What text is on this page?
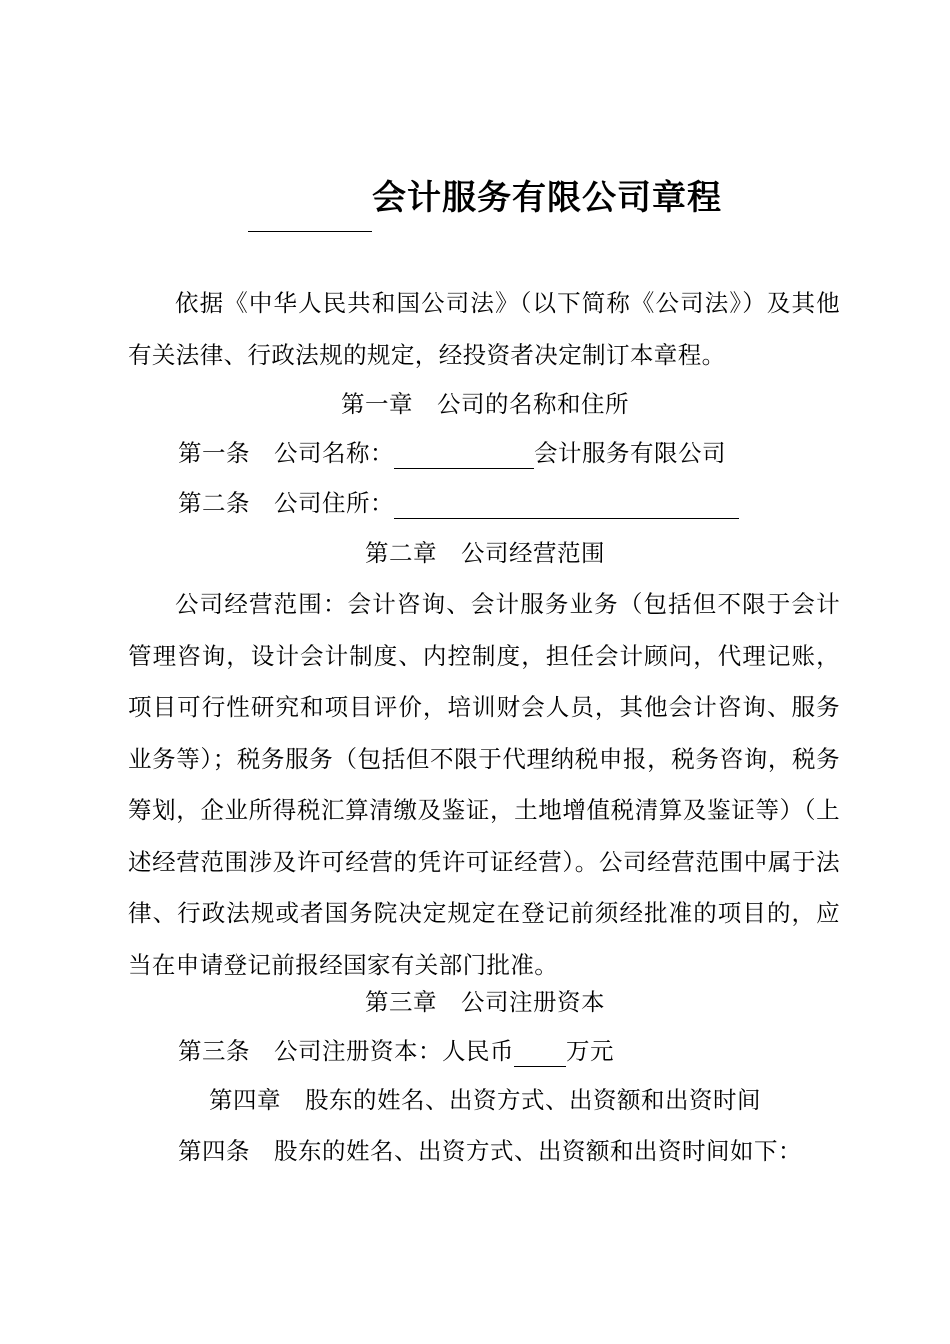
会计服务有限公司章程
依据《中华人民共和国公司法》（以下简称《公司法》）及其他有关法律、行政法规的规定，经投资者决定制订本章程。
第一章　公司的名称和住所
第一条　公司名称：	会计服务有限公司
第二条　公司住所：
第二章　公司经营范围
公司经营范围：会计咨询、会计服务业务（包括但不限于会计管理咨询，设计会计制度、内控制度，担任会计顾问，代理记账，项目可行性研究和项目评价，培训财会人员，其他会计咨询、服务业务等）；税务服务（包括但不限于代理纳税申报，税务咨询，税务筹划，企业所得税汇算清缴及鉴证，土地增值税清算及鉴证等）（上述经营范围涉及许可经营的凭许可证经营）。公司经营范围中属于法律、行政法规或者国务院决定规定在登记前须经批准的项目的，应当在申请登记前报经国家有关部门批准。
第三章　公司注册资本
第三条　公司注册资本：人民币 万元
第四章　股东的姓名、出资方式、出资额和出资时间
第四条　股东的姓名、出资方式、出资额和出资时间如下：
